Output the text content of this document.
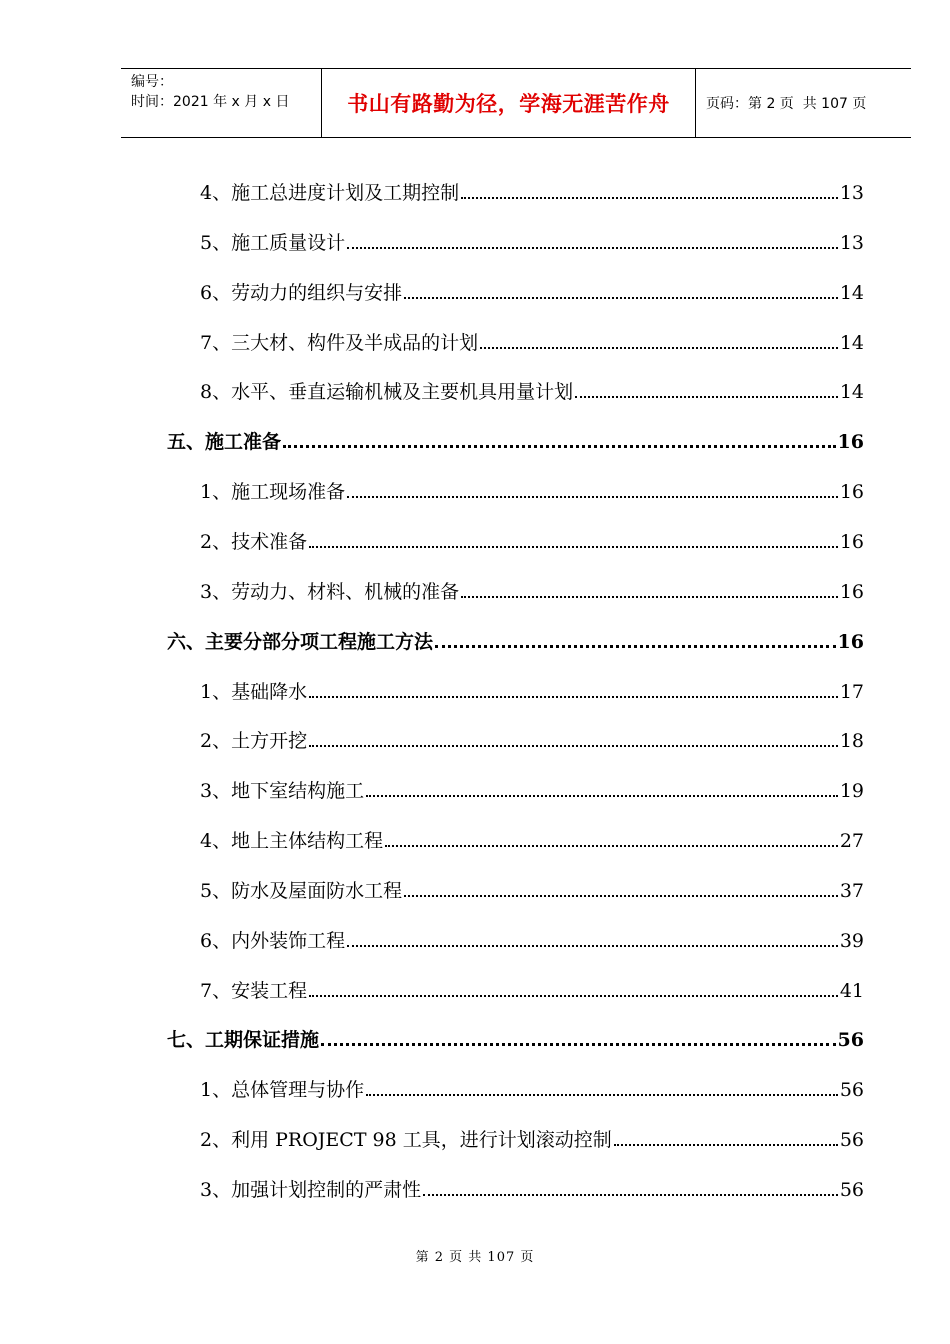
编号：
时间：2021 年 x 月 x 日	书山有路勤为径，学海无涯苦作舟	页码：第 2 页  共 107 页
4、施工总进度计划及工期控制	13
5、施工质量设计	13
6、劳动力的组织与安排	14
7、三大材、构件及半成品的计划	14
8、水平、垂直运输机械及主要机具用量计划	14
五、施工准备	16
1、施工现场准备	16
2、技术准备	16
3、劳动力、材料、机械的准备	16
六、主要分部分项工程施工方法	16
1、基础降水	17
2、土方开挖	18
3、地下室结构施工	19
4、地上主体结构工程	27
5、防水及屋面防水工程	37
6、内外装饰工程	39
7、安装工程	41
七、工期保证措施	56
1、总体管理与协作	56
2、利用 PROJECT 98 工具，进行计划滚动控制	56
3、加强计划控制的严肃性	56
第 2 页 共 107 页
